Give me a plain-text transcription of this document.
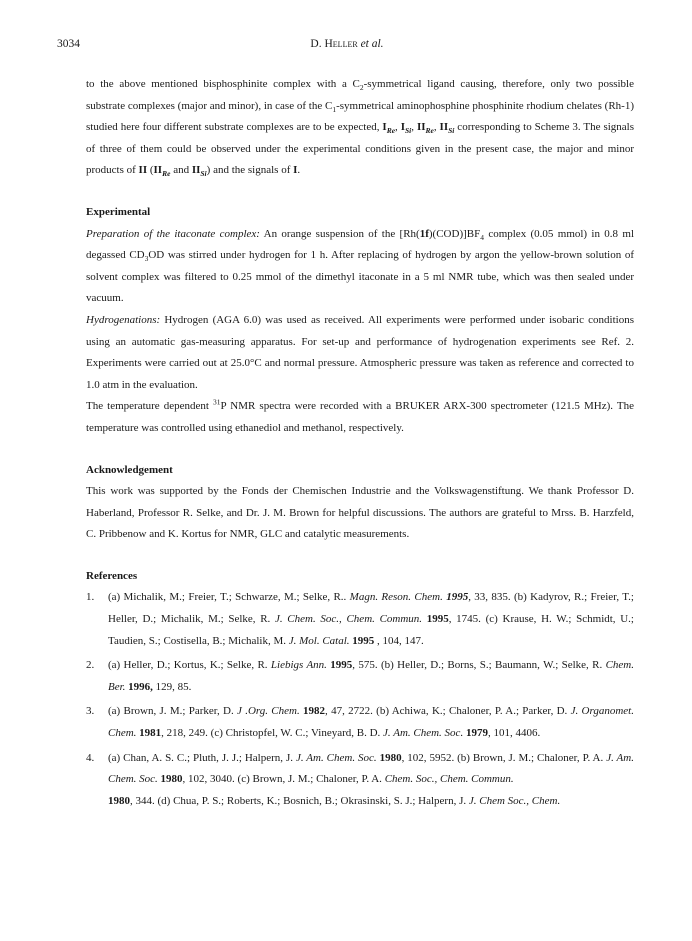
3034	D. Heller et al.

to the above mentioned bisphosphinite complex with a $C_2$-symmetrical ligand causing, therefore, only two possible substrate complexes (major and minor), in case of the $C_1$-symmetrical aminophosphine phosphinite rhodium chelates (Rh-1) studied here four different substrate complexes are to be expected, $I_{Re}$, $I_{Si}$, $II_{Re}$, $II_{Si}$ corresponding to Scheme 3. The signals of three of them could be observed under the experimental conditions given in the present case, the major and minor products of II ($II_{Re}$ and $II_{Si}$) and the signals of I.

Experimental

Preparation of the itaconate complex: An orange suspension of the $[Rh(1f)(COD)]BF_4$ complex (0.05 mmol) in 0.8 ml degassed $CD_3OD$ was stirred under hydrogen for 1 h. After replacing of hydrogen by argon the yellow-brown solution of solvent complex was filtered to 0.25 mmol of the dimethyl itaconate in a 5 ml NMR tube, which was then sealed under vacuum.

Hydrogenations: Hydrogen (AGA 6.0) was used as received. All experiments were performed under isobaric conditions using an automatic gas-measuring apparatus. For set-up and performance of hydrogenation experiments see Ref. 2. Experiments were carried out at 25.0°C and normal pressure. Atmospheric pressure was taken as reference and corrected to 1.0 atm in the evaluation.

The temperature dependent $^{31}$P NMR spectra were recorded with a BRUKER ARX-300 spectrometer (121.5 MHz). The temperature was controlled using ethanediol and methanol, respectively.

Acknowledgement

This work was supported by the Fonds der Chemischen Industrie and the Volkswagenstiftung. We thank Professor D. Haberland, Professor R. Selke, and Dr. J. M. Brown for helpful discussions. The authors are grateful to Mrss. B. Harzfeld, C. Pribbenow and K. Kortus for NMR, GLC and catalytic measurements.

References
1.	(a) Michalik, M.; Freier, T.; Schwarze, M.; Selke, R.. Magn. Reson. Chem. 1995, 33, 835. (b) Kadyrov, R.; Freier, T.; Heller, D.; Michalik, M.; Selke, R. J. Chem. Soc., Chem. Commun. 1995, 1745. (c) Krause, H. W.; Schmidt, U.; Taudien, S.; Costisella, B.; Michalik, M. J. Mol. Catal. 1995 , 104, 147.
2.	(a) Heller, D.; Kortus, K.; Selke, R. Liebigs Ann. 1995, 575. (b) Heller, D.; Borns, S.; Baumann, W.; Selke, R. Chem. Ber. 1996, 129, 85.
3.	(a) Brown, J. M.; Parker, D. J .Org. Chem. 1982, 47, 2722. (b) Achiwa, K.; Chaloner, P. A.; Parker, D. J. Organomet. Chem. 1981, 218, 249. (c) Christopfel, W. C.; Vineyard, B. D. J. Am. Chem. Soc. 1979, 101, 4406.
4.	(a) Chan, A. S. C.; Pluth, J. J.; Halpern, J. J. Am. Chem. Soc. 1980, 102, 5952. (b) Brown, J. M.; Chaloner, P. A. J. Am. Chem. Soc. 1980, 102, 3040. (c) Brown, J. M.; Chaloner, P. A. Chem. Soc., Chem. Commun.
1980, 344. (d) Chua, P. S.; Roberts, K.; Bosnich, B.; Okrasinski, S. J.; Halpern, J. J. Chem Soc., Chem.
